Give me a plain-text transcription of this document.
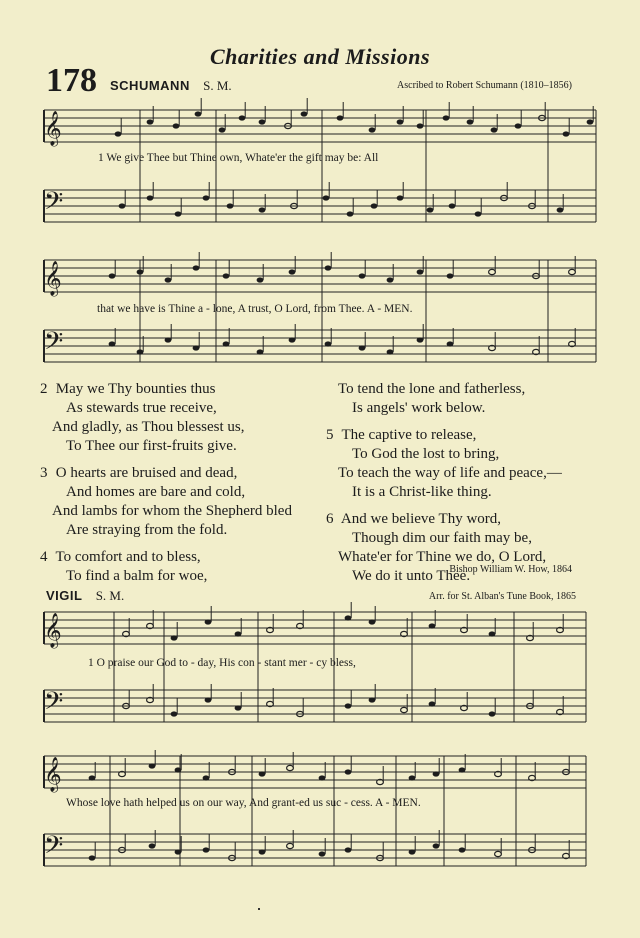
Charities and Missions
178 SCHUMANN S. M.	Ascribed to Robert Schumann (1810–1856)
𝄞
𝄢
𝄞
𝄢
𝄞
𝄢
𝄞
𝄢
1 We give Thee but Thine own, Whate'er the gift may be: All
that we have is Thine a - lone, A trust, O Lord, from Thee. A - MEN.
2 May we Thy bounties thus
As stewards true receive,
And gladly, as Thou blessest us,
To Thee our first-fruits give.
3 O hearts are bruised and dead,
And homes are bare and cold,
And lambs for whom the Shepherd bled
Are straying from the fold.
4 To comfort and to bless,
To find a balm for woe,
To tend the lone and fatherless,
Is angels' work below.
5 The captive to release,
To God the lost to bring,
To teach the way of life and peace,—
It is a Christ-like thing.
6 And we believe Thy word,
Though dim our faith may be,
Whate'er for Thine we do, O Lord,
We do it unto Thee.
Bishop William W. How, 1864
VIGIL S. M.	Arr. for St. Alban's Tune Book, 1865
1 O praise our God to - day, His con - stant mer - cy bless,
Whose love hath helped us on our way, And grant-ed us suc - cess. A - MEN.
